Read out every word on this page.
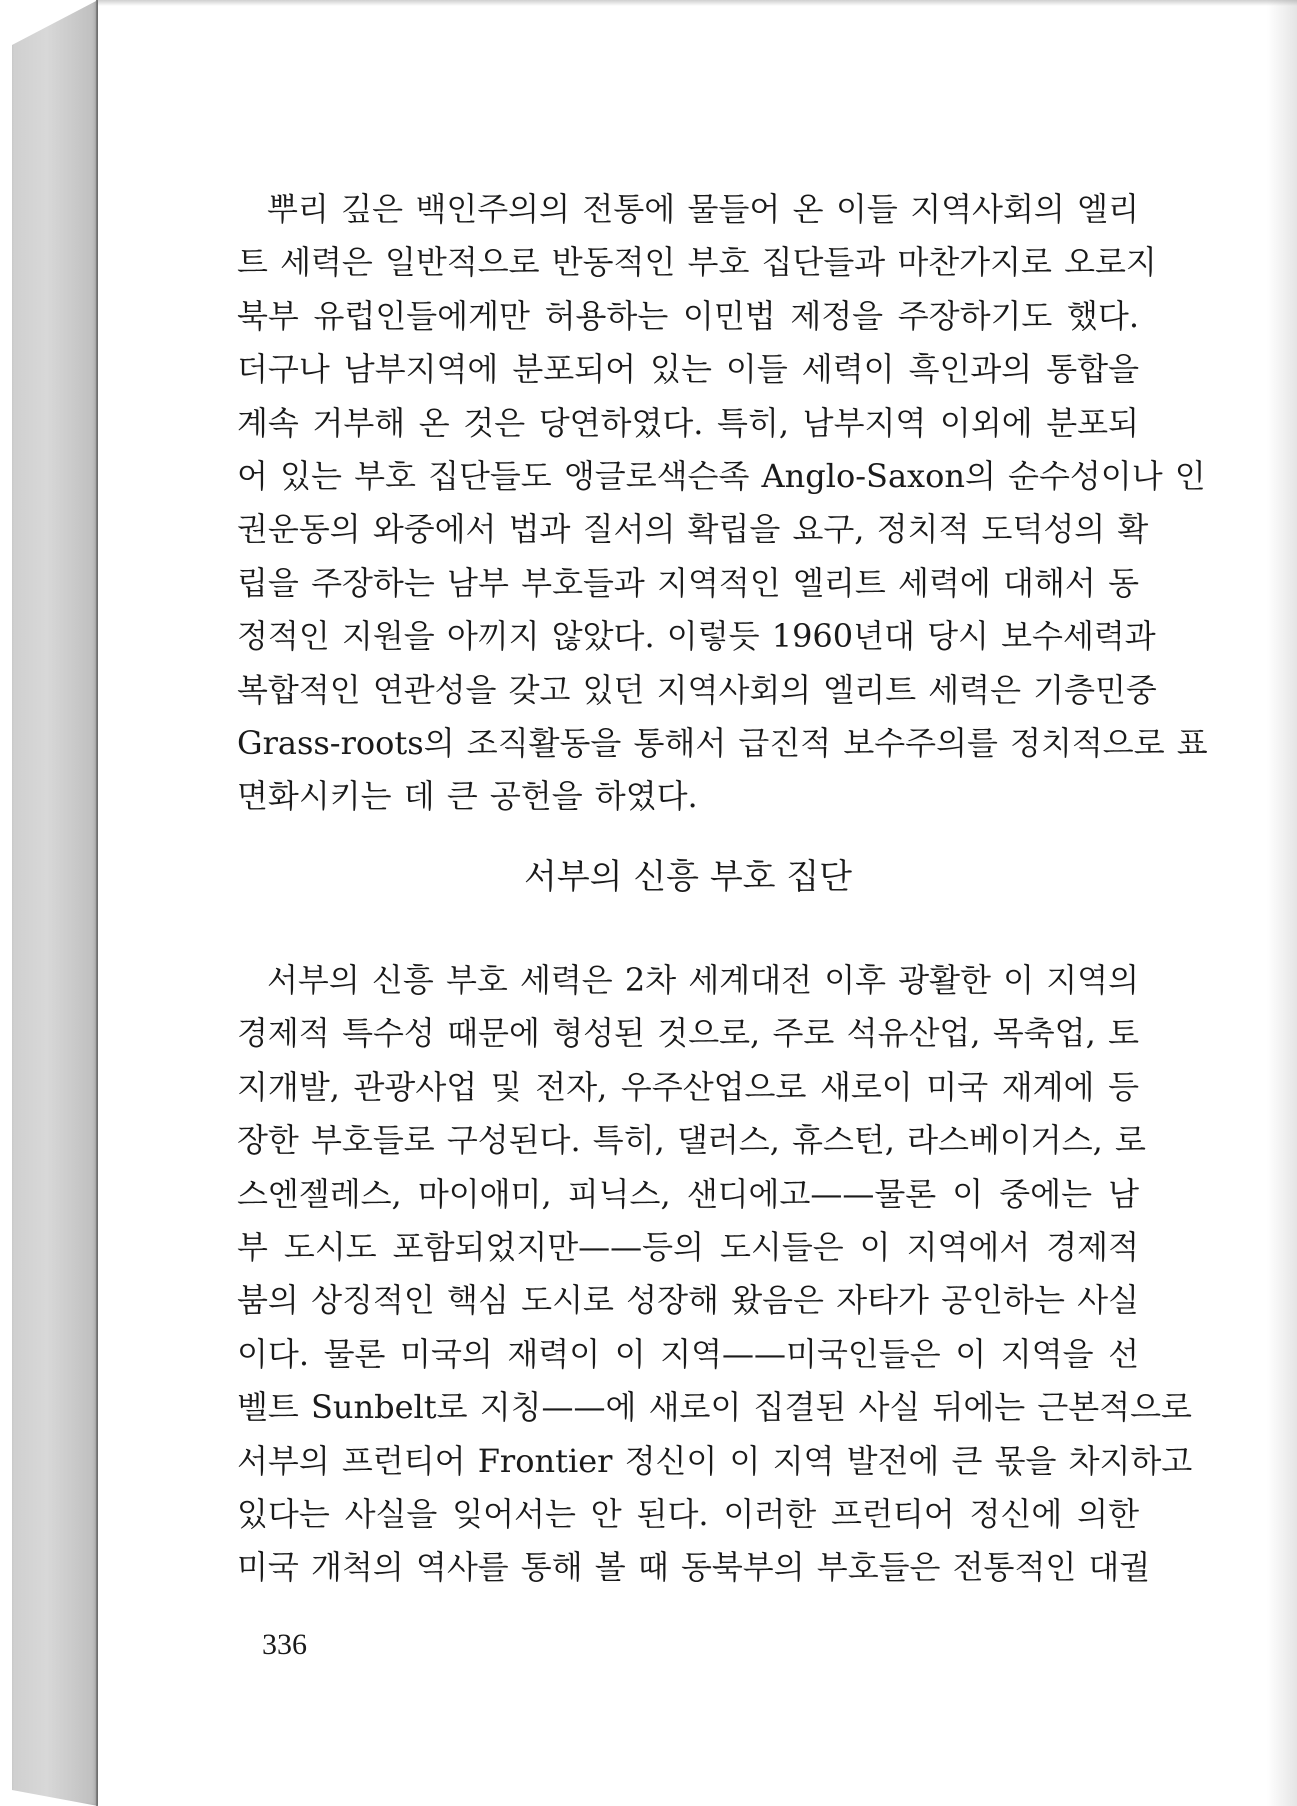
뿌리 깊은 백인주의의 전통에 물들어 온 이들 지역사회의 엘리
트 세력은 일반적으로 반동적인 부호 집단들과 마찬가지로 오로지
북부 유럽인들에게만 허용하는 이민법 제정을 주장하기도 했다.
더구나 남부지역에 분포되어 있는 이들 세력이 흑인과의 통합을
계속 거부해 온 것은 당연하였다. 특히, 남부지역 이외에 분포되
어 있는 부호 집단들도 앵글로색슨족 Anglo-Saxon의 순수성이나 인
권운동의 와중에서 법과 질서의 확립을 요구, 정치적 도덕성의 확
립을 주장하는 남부 부호들과 지역적인 엘리트 세력에 대해서 동
정적인 지원을 아끼지 않았다. 이렇듯 1960년대 당시 보수세력과
복합적인 연관성을 갖고 있던 지역사회의 엘리트 세력은 기층민중
Grass-roots의 조직활동을 통해서 급진적 보수주의를 정치적으로 표
면화시키는 데 큰 공헌을 하였다.
서부의 신흥 부호 집단
서부의 신흥 부호 세력은 2차 세계대전 이후 광활한 이 지역의
경제적 특수성 때문에 형성된 것으로, 주로 석유산업, 목축업, 토
지개발, 관광사업 및 전자, 우주산업으로 새로이 미국 재계에 등
장한 부호들로 구성된다. 특히, 댈러스, 휴스턴, 라스베이거스, 로
스엔젤레스, 마이애미, 피닉스, 샌디에고——물론 이 중에는 남
부 도시도 포함되었지만——등의 도시들은 이 지역에서 경제적
붐의 상징적인 핵심 도시로 성장해 왔음은 자타가 공인하는 사실
이다. 물론 미국의 재력이 이 지역——미국인들은 이 지역을 선
벨트 Sunbelt로 지칭——에 새로이 집결된 사실 뒤에는 근본적으로
서부의 프런티어 Frontier 정신이 이 지역 발전에 큰 몫을 차지하고
있다는 사실을 잊어서는 안 된다. 이러한 프런티어 정신에 의한
미국 개척의 역사를 통해 볼 때 동북부의 부호들은 전통적인 대궐
336
